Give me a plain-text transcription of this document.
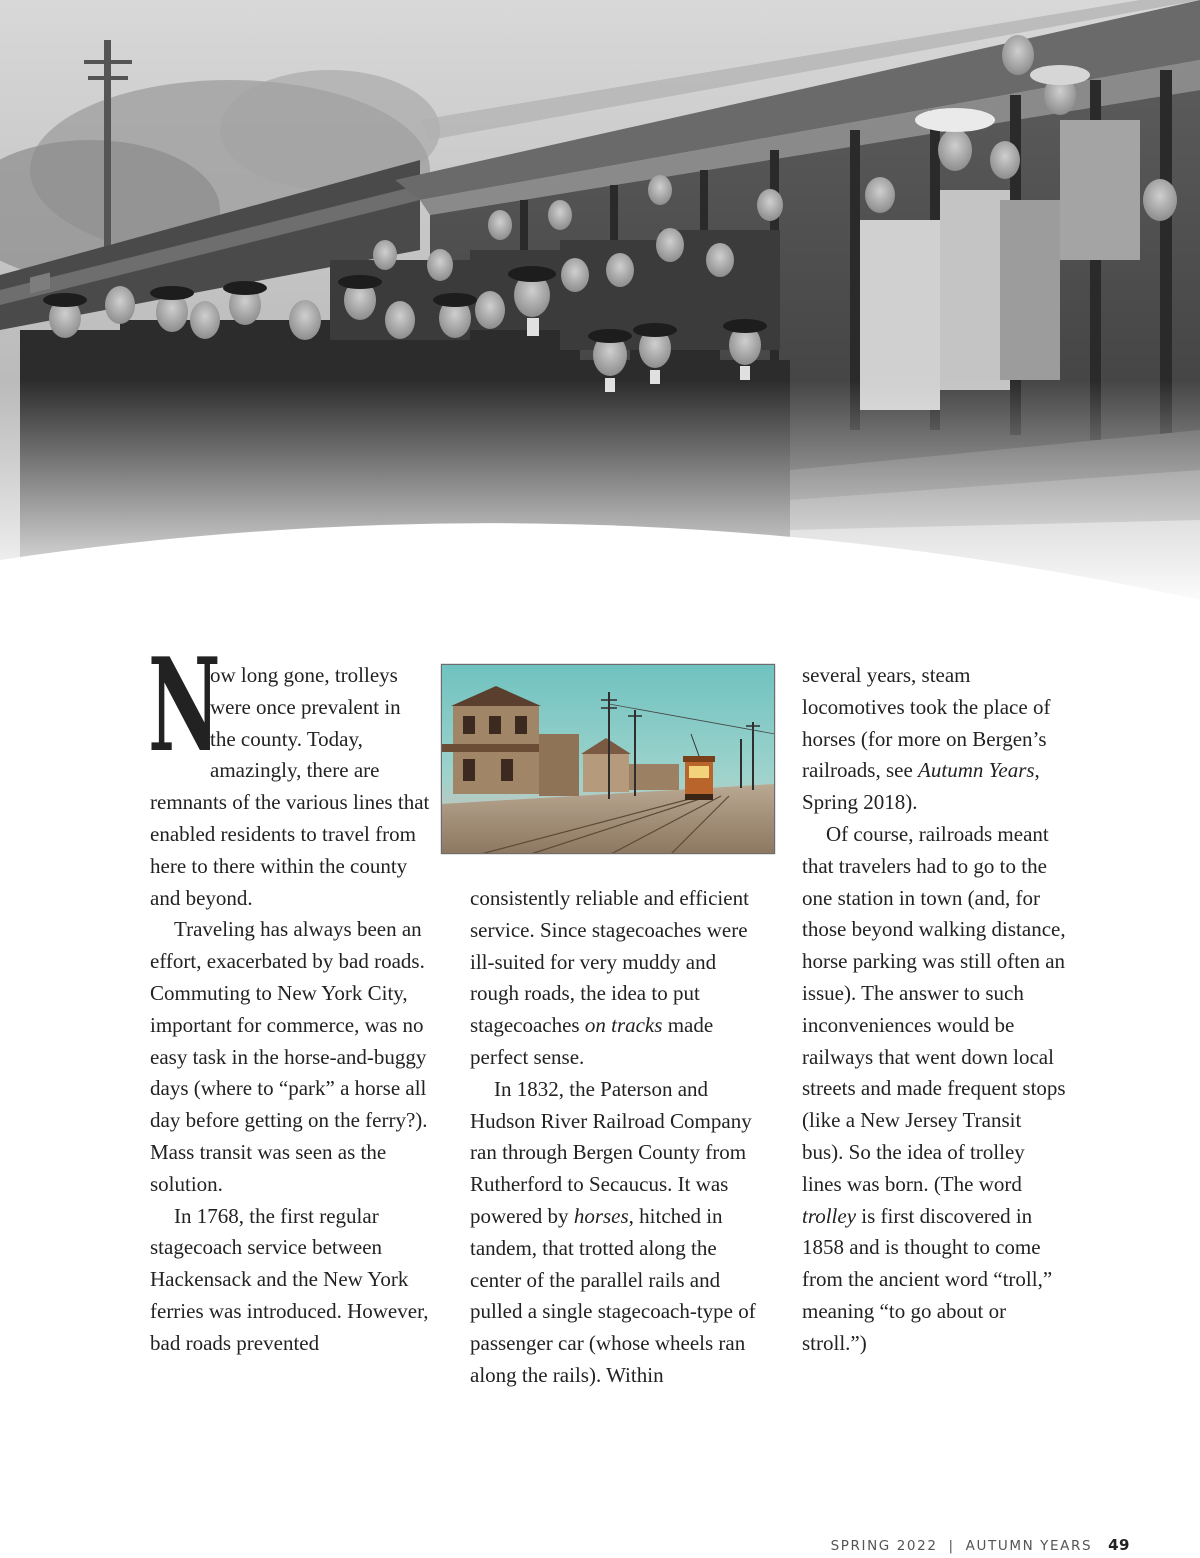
N
ow long gone, trolleys were once prevalent in the county. Today, amazingly, there are remnants of the various lines that enabled residents to travel from here to there within the county and beyond.

Traveling has always been an effort, exacerbated by bad roads. Commuting to New York City, important for commerce, was no easy task in the horse-and-buggy days (where to “park” a horse all day before getting on the ferry?). Mass transit was seen as the solution.

In 1768, the first regular stagecoach service between Hackensack and the New York ferries was introduced. However, bad roads prevented

consistently reliable and efficient service. Since stagecoaches were ill-suited for very muddy and rough roads, the idea to put stagecoaches on tracks made perfect sense.

In 1832, the Paterson and Hudson River Railroad Company ran through Bergen County from Rutherford to Secaucus. It was powered by horses, hitched in tandem, that trotted along the center of the parallel rails and pulled a single stagecoach-type of passenger car (whose wheels ran along the rails). Within

several years, steam locomotives took the place of horses (for more on Bergen’s railroads, see Autumn Years, Spring 2018).

Of course, railroads meant that travelers had to go to the one station in town (and, for those beyond walking distance, horse parking was still often an issue). The answer to such inconveniences would be railways that went down local streets and made frequent stops (like a New Jersey Transit bus). So the idea of trolley lines was born. (The word trolley is first discovered in 1858 and is thought to come from the ancient word “troll,” meaning “to go about or stroll.”)

SPRING 2022 | AUTUMN YEARS 49
